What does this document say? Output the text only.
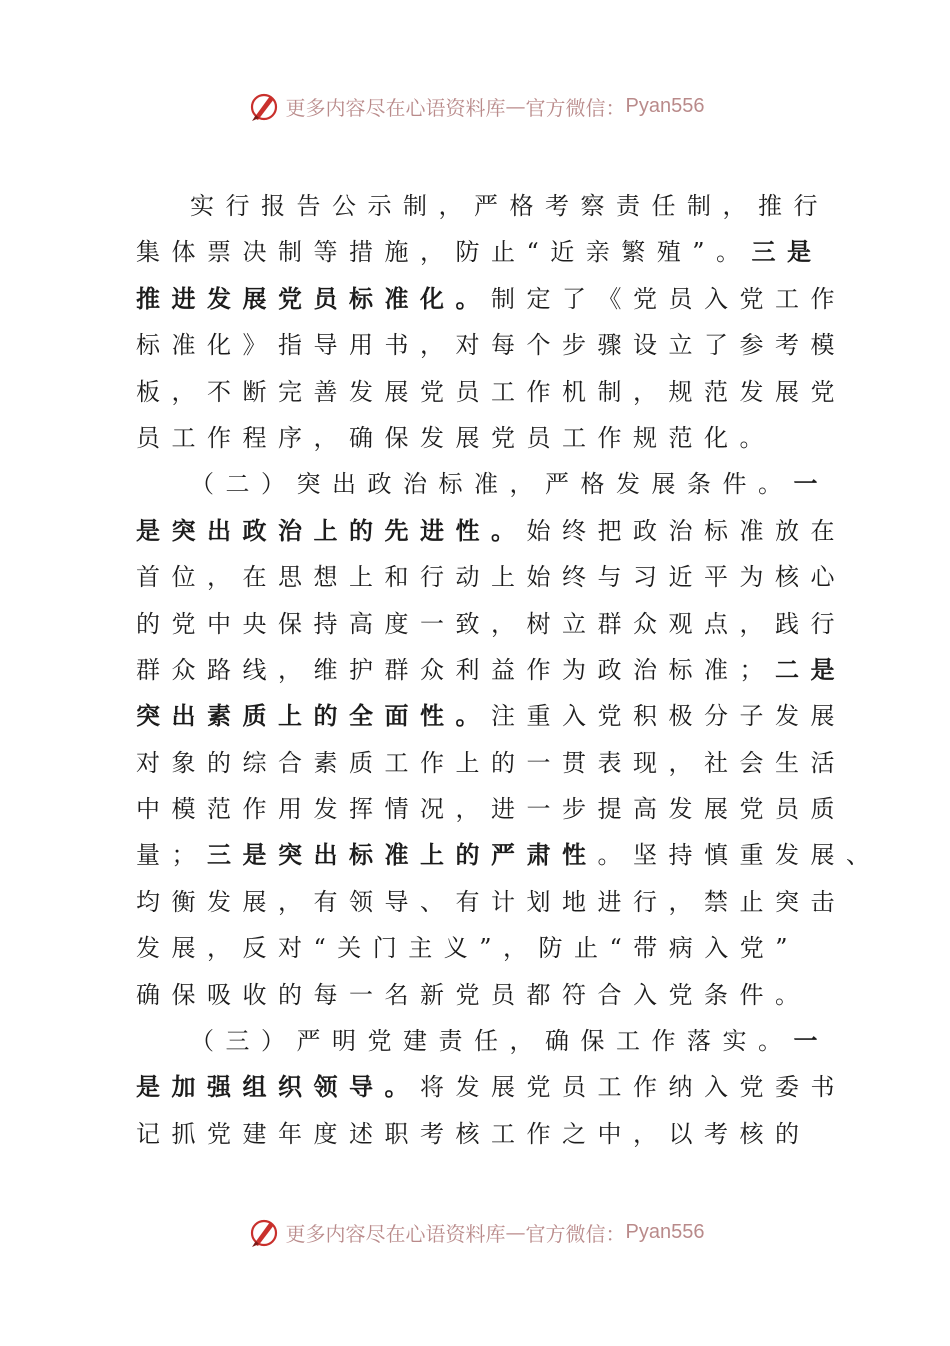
更多内容尽在心语资料库 — 官方微信： Pyan556
实行报告公示制，严格考察责任制，推行
集体票决制等措施，防止“近亲繁殖”。三是
推进发展党员标准化。制定了《党员入党工作
标准化》指导用书，对每个步骤设立了参考模
板，不断完善发展党员工作机制，规范发展党
员工作程序，确保发展党员工作规范化。
（二）突出政治标准，严格发展条件。一
是突出政治上的先进性。始终把政治标准放在
首位，在思想上和行动上始终与习近平为核心
的党中央保持高度一致，树立群众观点，践行
群众路线，维护群众利益作为政治标准；二是
突出素质上的全面性。注重入党积极分子发展
对象的综合素质工作上的一贯表现，社会生活
中模范作用发挥情况，进一步提高发展党员质
量；三是突出标准上的严肃性。坚持慎重发展、
均衡发展，有领导、有计划地进行，禁止突击
发展，反对“关门主义”，防止“带病入党”
确保吸收的每一名新党员都符合入党条件。
（三）严明党建责任，确保工作落实。一
是加强组织领导。将发展党员工作纳入党委书
记抓党建年度述职考核工作之中，以考核的
更多内容尽在心语资料库 — 官方微信： Pyan556
